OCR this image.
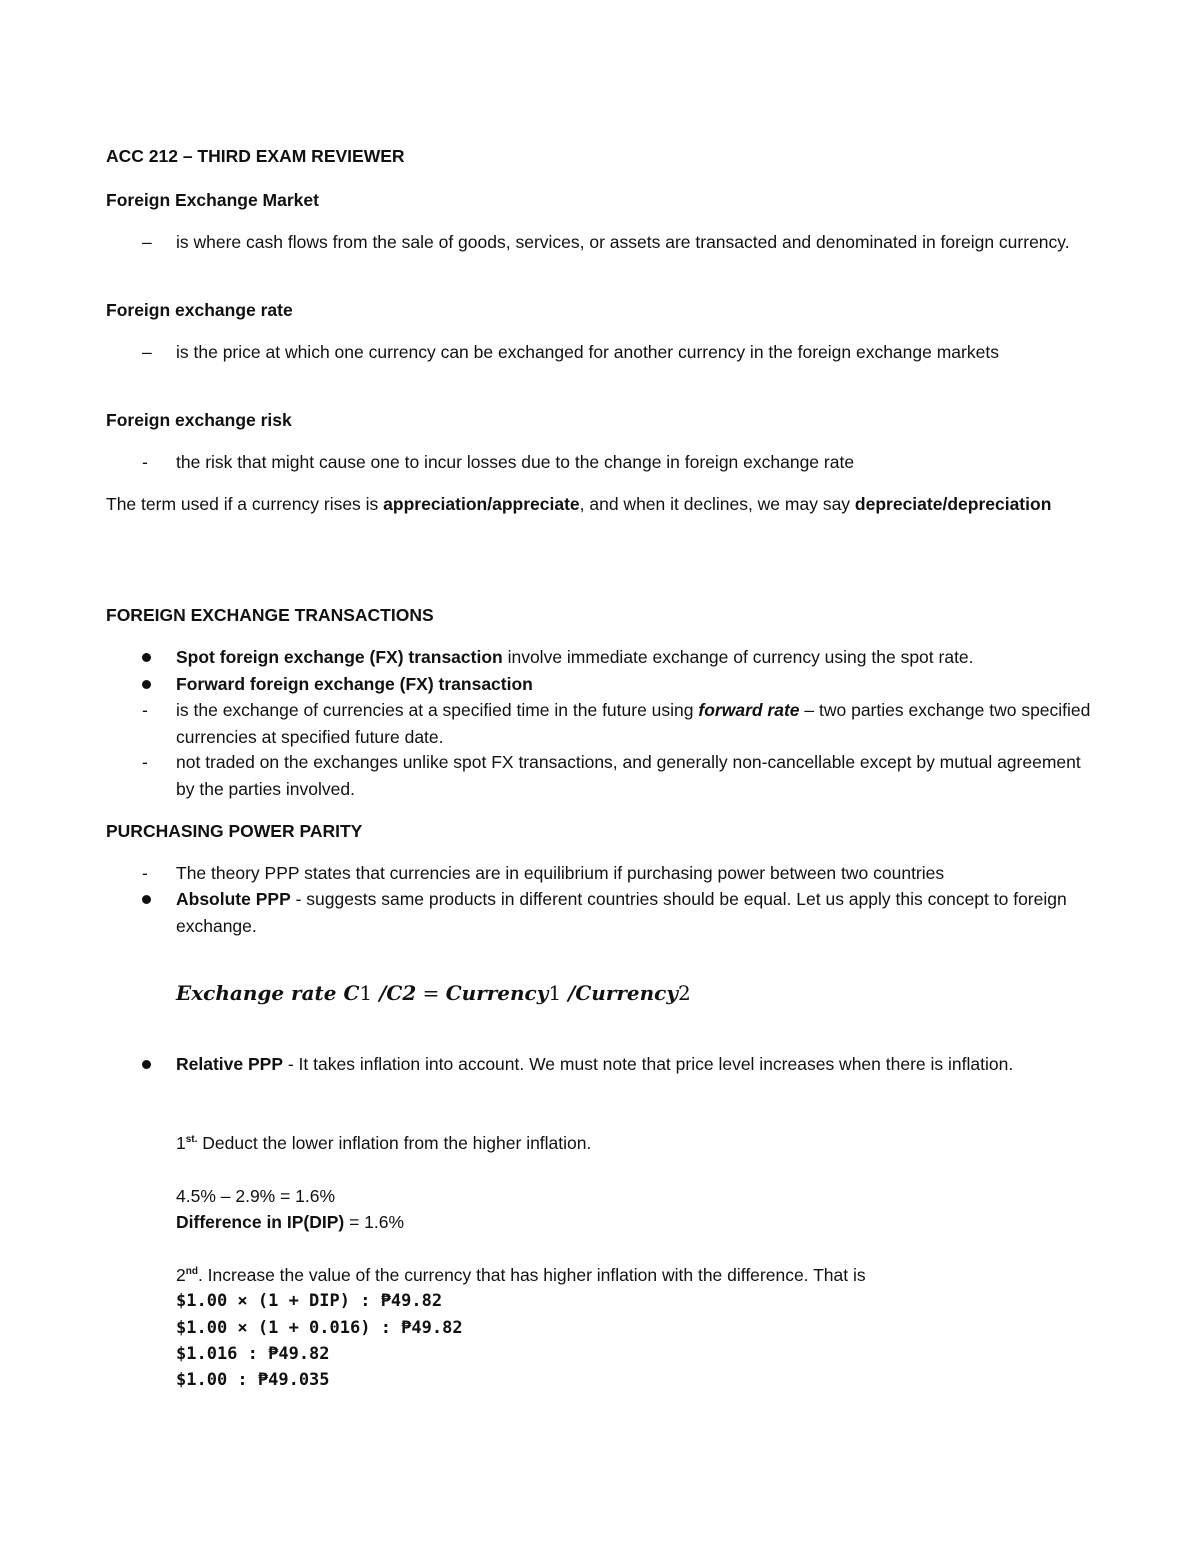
ACC 212 – THIRD EXAM REVIEWER
Foreign Exchange Market
–	is where cash flows from the sale of goods, services, or assets are transacted and denominated in foreign currency.
Foreign exchange rate
–	is the price at which one currency can be exchanged for another currency in the foreign exchange markets
Foreign exchange risk
-	the risk that might cause one to incur losses due to the change in foreign exchange rate
The term used if a currency rises is appreciation/appreciate, and when it declines, we may say depreciate/depreciation
FOREIGN EXCHANGE TRANSACTIONS
Spot foreign exchange (FX) transaction involve immediate exchange of currency using the spot rate.
Forward foreign exchange (FX) transaction
-	is the exchange of currencies at a specified time in the future using forward rate – two parties exchange two specified currencies at specified future date.
-	not traded on the exchanges unlike spot FX transactions, and generally non-cancellable except by mutual agreement by the parties involved.
PURCHASING POWER PARITY
-	The theory PPP states that currencies are in equilibrium if purchasing power between two countries
Absolute PPP - suggests same products in different countries should be equal. Let us apply this concept to foreign exchange.
Exchange rate C1 /C2 = Currency1 /Currency2
Relative PPP - It takes inflation into account. We must note that price level increases when there is inflation.
$1^{st.}$ Deduct the lower inflation from the higher inflation.
4.5% – 2.9% = 1.6%
Difference in IP(DIP) = 1.6%
2nd. Increase the value of the currency that has higher inflation with the difference. That is
$1.00 × (1 + DIP) : ₱49.82
$1.00 × (1 + 0.016) : ₱49.82
$1.016 : ₱49.82
$1.00 : ₱49.035
